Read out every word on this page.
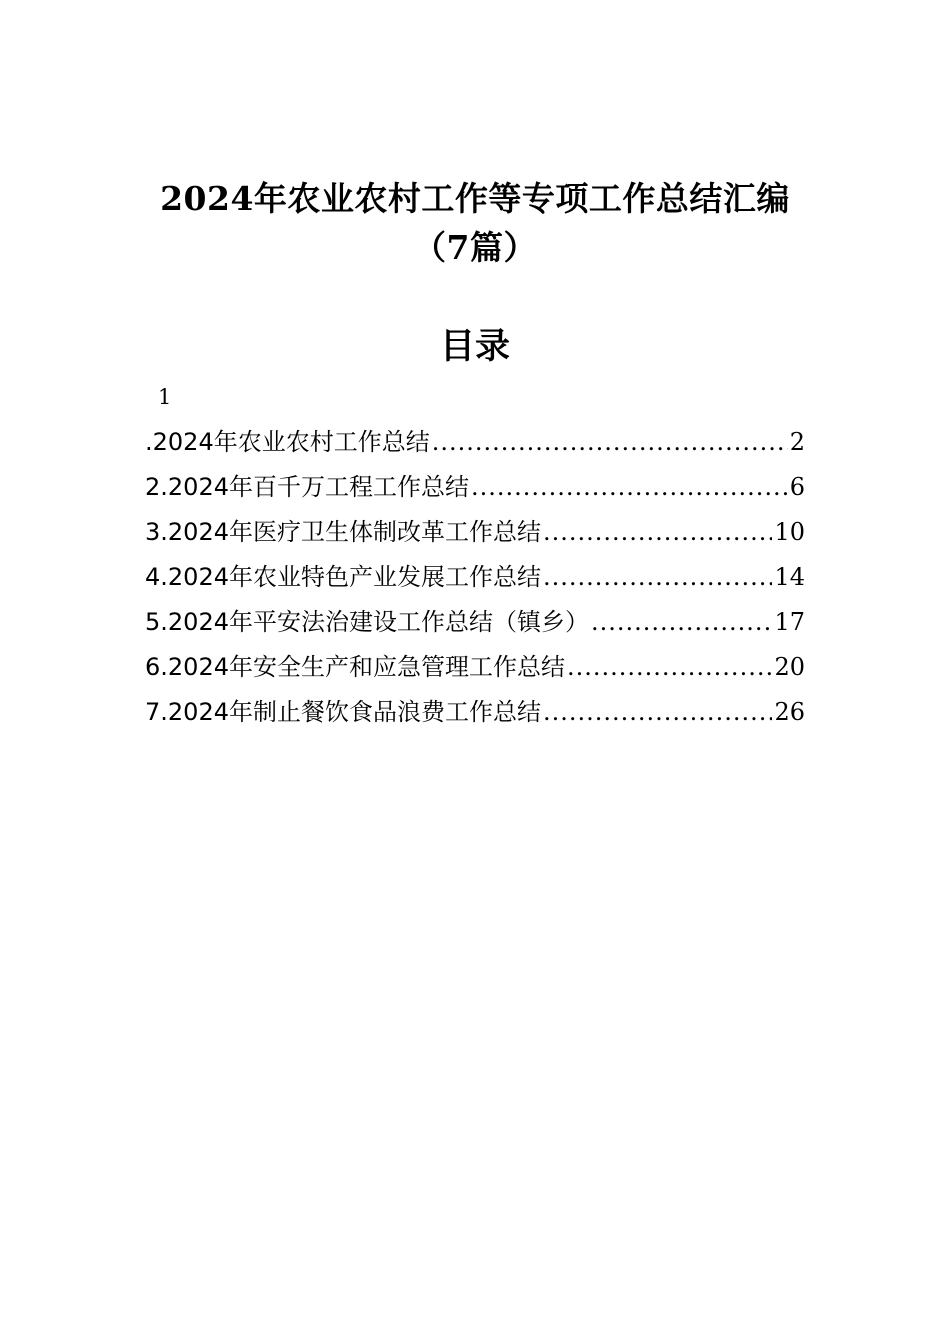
2024年农业农村工作等专项工作总结汇编
（7篇）
目录
1
.2024年农业农村工作总结 .....	2
2.2024年百千万工程工作总结 .....	6
3.2024年医疗卫生体制改革工作总结 .....	10
4.2024年农业特色产业发展工作总结 .....	14
5.2024年平安法治建设工作总结（镇乡） .....	17
6.2024年安全生产和应急管理工作总结 .....	20
7.2024年制止餐饮食品浪费工作总结 .....	26
